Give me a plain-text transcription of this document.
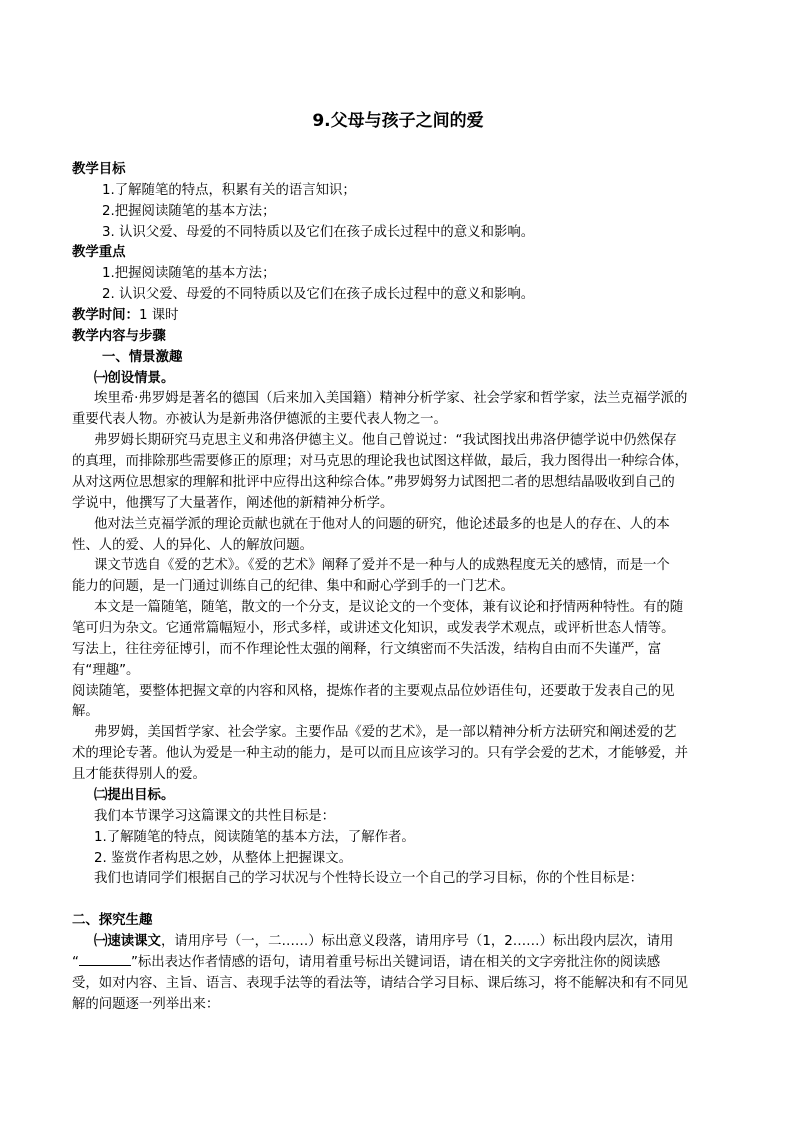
9.父母与孩子之间的爱
教学目标
1.了解随笔的特点，积累有关的语言知识；
2.把握阅读随笔的基本方法；
3. 认识父爱、母爱的不同特质以及它们在孩子成长过程中的意义和影响。
教学重点
1.把握阅读随笔的基本方法；
2. 认识父爱、母爱的不同特质以及它们在孩子成长过程中的意义和影响。
教学时间：1 课时
教学内容与步骤
一、情景激趣
㈠创设情景。
埃里希·弗罗姆是著名的德国（后来加入美国籍）精神分析学家、社会学家和哲学家，法兰克福学派的
重要代表人物。亦被认为是新弗洛伊德派的主要代表人物之一。
弗罗姆长期研究马克思主义和弗洛伊德主义。他自己曾说过：“我试图找出弗洛伊德学说中仍然保存
的真理，而排除那些需要修正的原理；对马克思的理论我也试图这样做，最后，我力图得出一种综合体，
从对这两位思想家的理解和批评中应得出这种综合体。”弗罗姆努力试图把二者的思想结晶吸收到自己的
学说中，他撰写了大量著作，阐述他的新精神分析学。
他对法兰克福学派的理论贡献也就在于他对人的问题的研究，他论述最多的也是人的存在、人的本
性、人的爱、人的异化、人的解放问题。
课文节选自《爱的艺术》。《爱的艺术》阐释了爱并不是一种与人的成熟程度无关的感情，而是一个
能力的问题，是一门通过训练自己的纪律、集中和耐心学到手的一门艺术。
本文是一篇随笔，随笔，散文的一个分支，是议论文的一个变体，兼有议论和抒情两种特性。有的随
笔可归为杂文。它通常篇幅短小，形式多样，或讲述文化知识，或发表学术观点，或评析世态人情等。
写法上，往往旁征博引，而不作理论性太强的阐释，行文缜密而不失活泼，结构自由而不失谨严，富
有“理趣”。
阅读随笔，要整体把握文章的内容和风格，提炼作者的主要观点品位妙语佳句，还要敢于发表自己的见
解。
弗罗姆，美国哲学家、社会学家。主要作品《爱的艺术》，是一部以精神分析方法研究和阐述爱的艺
术的理论专著。他认为爱是一种主动的能力，是可以而且应该学习的。只有学会爱的艺术，才能够爱，并
且才能获得别人的爱。
㈡提出目标。
我们本节课学习这篇课文的共性目标是：
1.了解随笔的特点，阅读随笔的基本方法，了解作者。
2. 鉴赏作者构思之妙，从整体上把握课文。
我们也请同学们根据自己的学习状况与个性特长设立一个自己的学习目标，你的个性目标是：
二、探究生趣
㈠速读课文，请用序号（一，二……）标出意义段落，请用序号（1，2……）标出段内层次，请用
“	”标出表达作者情感的语句，请用着重号标出关键词语，请在相关的文字旁批注你的阅读感
受，如对内容、主旨、语言、表现手法等的看法等，请结合学习目标、课后练习，将不能解决和有不同见
解的问题逐一列举出来：
